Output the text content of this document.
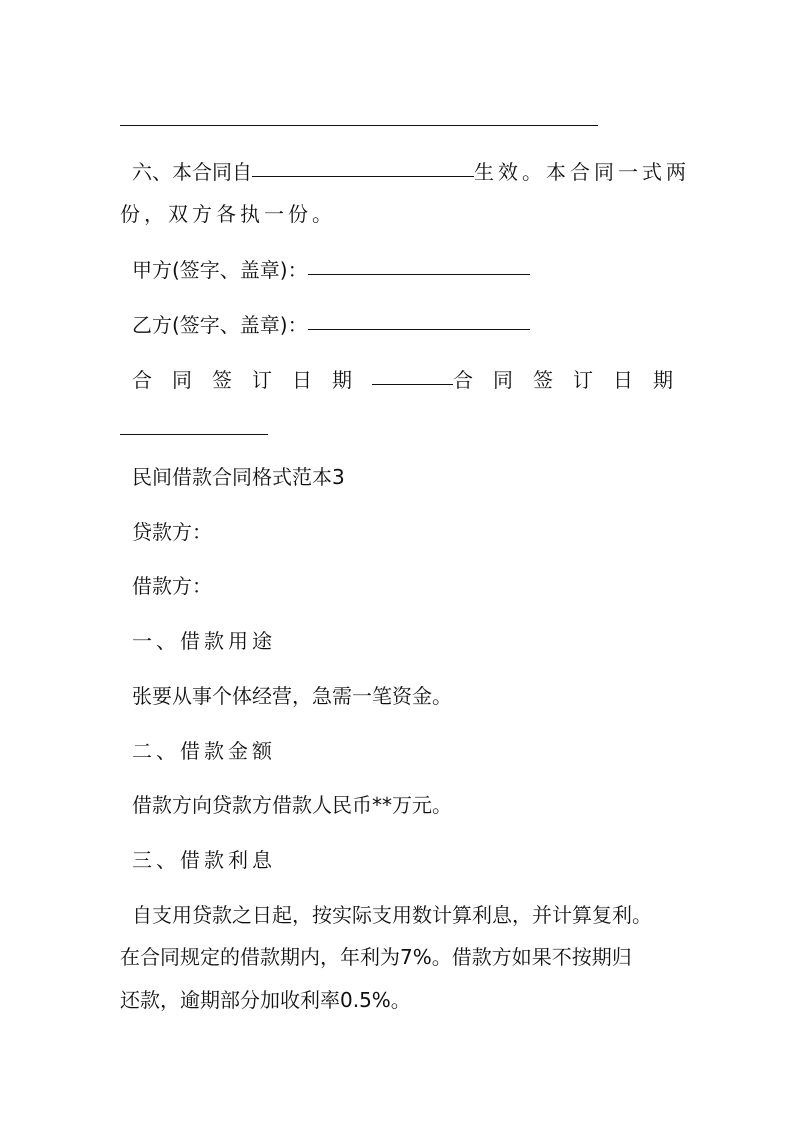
六、本合同自	生效。本合同一式两
份，双方各执一份。
甲方(签字、盖章)：
乙方(签字、盖章)：
合同签订日期	合同签订日期
民间借款合同格式范本3
贷款方：
借款方：
一、借款用途
张要从事个体经营，急需一笔资金。
二、借款金额
借款方向贷款方借款人民币**万元。
三、借款利息
自支用贷款之日起，按实际支用数计算利息，并计算复利。
在合同规定的借款期内，年利为7%。借款方如果不按期归
还款，逾期部分加收利率0.5%。
